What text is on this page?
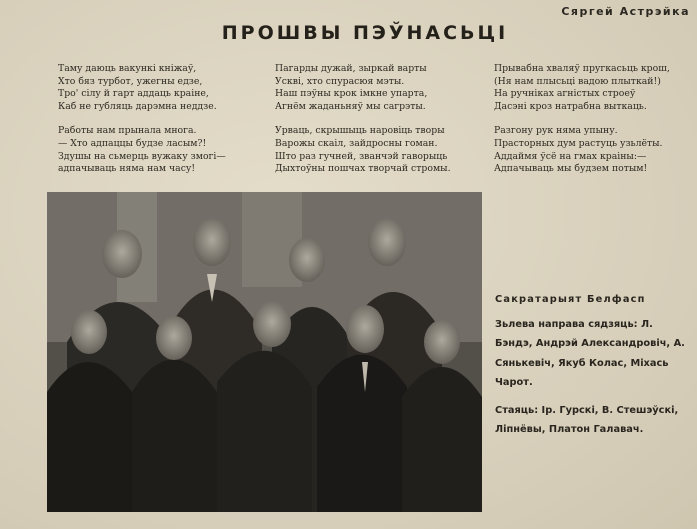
Сяргей Астрэйка
ПРОШВЫ ПЭЎНАСЬЦІ
Таму даюць вакункі кніжаў,
Хто бяз турбот, ужегны едзе,
Тро' сілу й гарт аддаць краіне,
Каб не губляць дарэмна неддзе.
Работы нам прынала многа.
— Хто адпаццы будзе ласым?!
Здушы на сьмерць вужаку змогі—
адпачываць няма нам часу!
Пагарды дужай, зыркай варты
Ускві, хто спурасюя мэты.
Наш пэўны крок імкне упарта,
Агнём жаданьняў мы сагрэты.
Урваць, скрышыць наровіць творы
Варожы скаіл, зайдросны гоман.
Што раз гучней, званчэй гаворыць
Дыхтоўны пошчах творчай стромы.
Прывабна хваляў пругкасьць крош,
(Ня нам плысьці вадою плыткай!)
На ручніках агністых строеў
Дасэні кроз натрабна выткаць.
Разгону рук няма упыну.
Прасторных дум растуць узьлёты.
Аддаймя ўсё на гмах краіны:—
Адпачываць мы будзем потым!
Сакратарыят Белфасп
Зьлева направа сядзяць: Л. Бэндэ, Андрэй Александровіч, А. Сянькевіч, Якуб Колас, Міхась Чарот.
Стаяць: Ір. Гурскі, В. Стешэўскі, Ліпнёвы, Платон Галавач.
